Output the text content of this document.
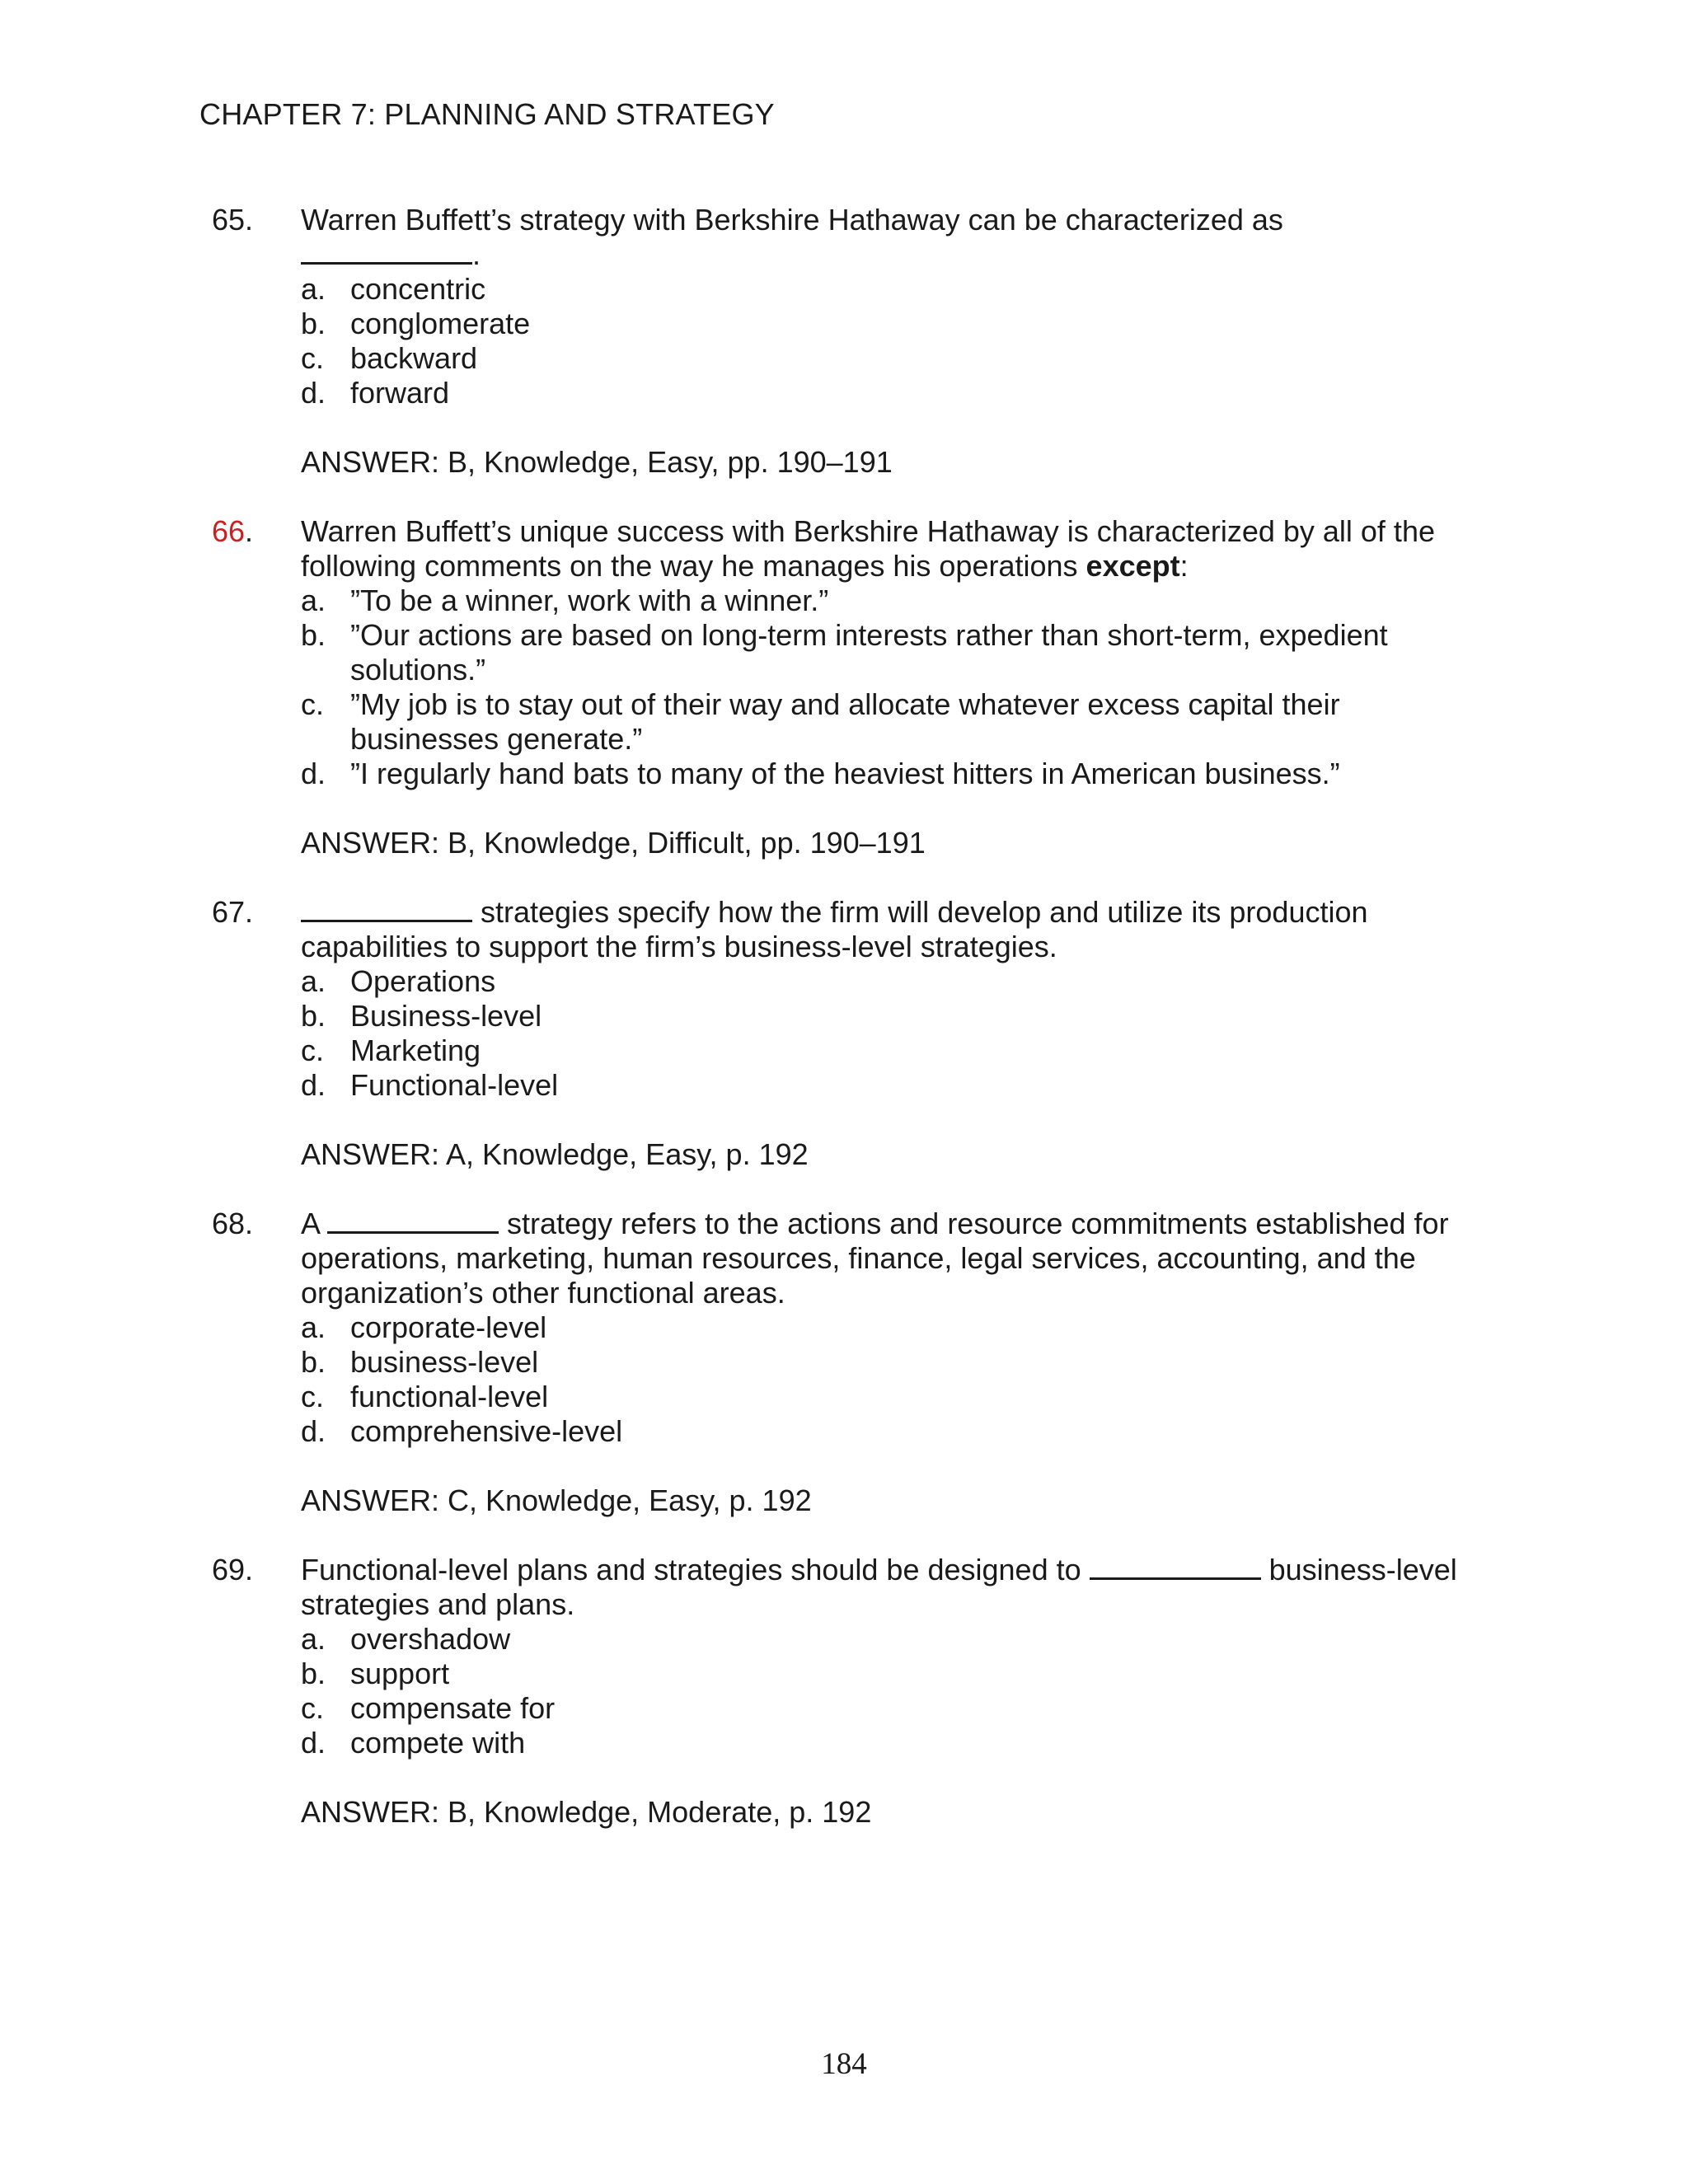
CHAPTER 7: PLANNING AND STRATEGY
65. Warren Buffett’s strategy with Berkshire Hathaway can be characterized as
.
a. concentric
b. conglomerate
c. backward
d. forward
ANSWER: B, Knowledge, Easy, pp. 190–191
66. Warren Buffett’s unique success with Berkshire Hathaway is characterized by all of the following comments on the way he manages his operations except:
a. ”To be a winner, work with a winner.”
b. ”Our actions are based on long-term interests rather than short-term, expedient solutions.”
c. ”My job is to stay out of their way and allocate whatever excess capital their businesses generate.”
d. ”I regularly hand bats to many of the heaviest hitters in American business.”
ANSWER: B, Knowledge, Difficult, pp. 190–191
67.	strategies specify how the firm will develop and utilize its production capabilities to support the firm’s business-level strategies.
a. Operations
b. Business-level
c. Marketing
d. Functional-level
ANSWER: A, Knowledge, Easy, p. 192
68. A	strategy refers to the actions and resource commitments established for operations, marketing, human resources, finance, legal services, accounting, and the organization’s other functional areas.
a. corporate-level
b. business-level
c. functional-level
d. comprehensive-level
ANSWER: C, Knowledge, Easy, p. 192
69. Functional-level plans and strategies should be designed to	business-level strategies and plans.
a. overshadow
b. support
c. compensate for
d. compete with
ANSWER: B, Knowledge, Moderate, p. 192
184
